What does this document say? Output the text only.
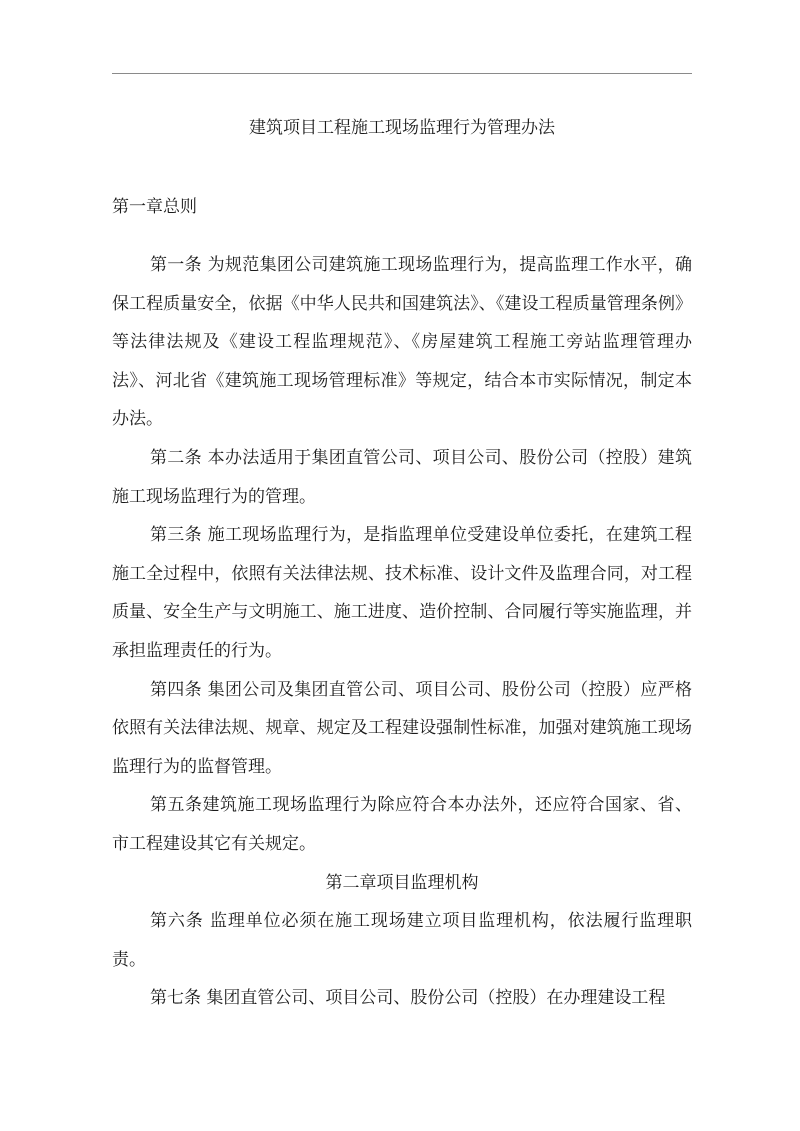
建筑项目工程施工现场监理行为管理办法
第一章总则

第一条 为规范集团公司建筑施工现场监理行为，提高监理工作水平，确保工程质量安全，依据《中华人民共和国建筑法》、《建设工程质量管理条例》等法律法规及《建设工程监理规范》、《房屋建筑工程施工旁站监理管理办法》、河北省《建筑施工现场管理标准》等规定，结合本市实际情况，制定本办法。

第二条 本办法适用于集团直管公司、项目公司、股份公司（控股）建筑施工现场监理行为的管理。

第三条 施工现场监理行为，是指监理单位受建设单位委托，在建筑工程施工全过程中，依照有关法律法规、技术标准、设计文件及监理合同，对工程质量、安全生产与文明施工、施工进度、造价控制、合同履行等实施监理，并承担监理责任的行为。

第四条 集团公司及集团直管公司、项目公司、股份公司（控股）应严格依照有关法律法规、规章、规定及工程建设强制性标准，加强对建筑施工现场监理行为的监督管理。

第五条建筑施工现场监理行为除应符合本办法外，还应符合国家、省、市工程建设其它有关规定。

第二章项目监理机构

第六条 监理单位必须在施工现场建立项目监理机构，依法履行监理职责。

第七条 集团直管公司、项目公司、股份公司（控股）在办理建设工程
